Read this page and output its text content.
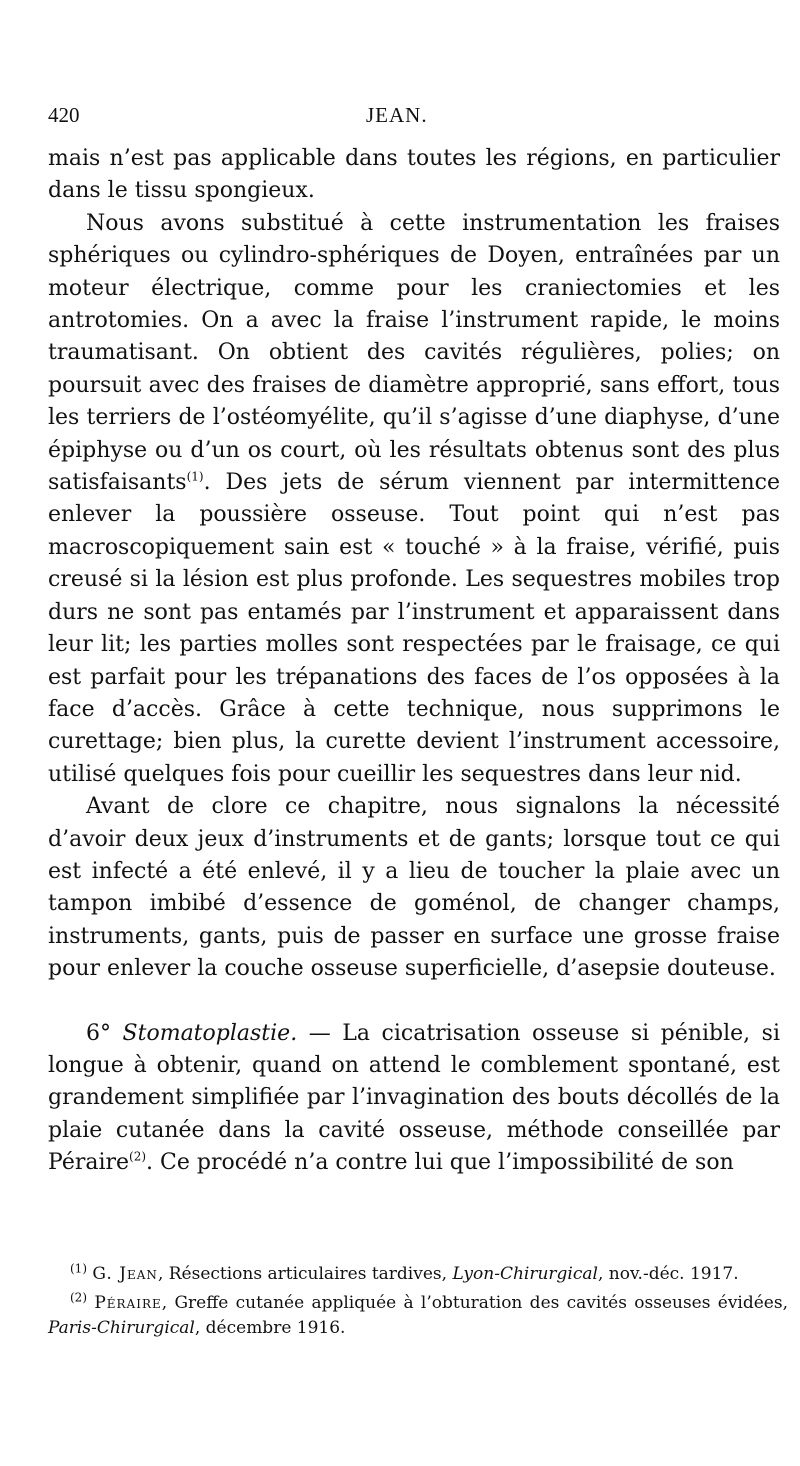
420	JEAN.

mais n’est pas applicable dans toutes les régions, en particulier dans le tissu spongieux.

Nous avons substitué à cette instrumentation les fraises sphériques ou cylindro-sphériques de Doyen, entraînées par un moteur électrique, comme pour les craniectomies et les antrotomies. On a avec la fraise l’instrument rapide, le moins traumatisant. On obtient des cavités régulières, polies; on poursuit avec des fraises de diamètre approprié, sans effort, tous les terriers de l’ostéomyélite, qu’il s’agisse d’une diaphyse, d’une épiphyse ou d’un os court, où les résultats obtenus sont des plus satisfaisants$^{(1)}$. Des jets de sérum viennent par intermittence enlever la poussière osseuse. Tout point qui n’est pas macroscopiquement sain est « touché » à la fraise, vérifié, puis creusé si la lésion est plus profonde. Les sequestres mobiles trop durs ne sont pas entamés par l’instrument et apparaissent dans leur lit; les parties molles sont respectées par le fraisage, ce qui est parfait pour les trépanations des faces de l’os opposées à la face d’accès. Grâce à cette technique, nous supprimons le curettage; bien plus, la curette devient l’instrument accessoire, utilisé quelques fois pour cueillir les sequestres dans leur nid.

Avant de clore ce chapitre, nous signalons la nécessité d’avoir deux jeux d’instruments et de gants; lorsque tout ce qui est infecté a été enlevé, il y a lieu de toucher la plaie avec un tampon imbibé d’essence de goménol, de changer champs, instruments, gants, puis de passer en surface une grosse fraise pour enlever la couche osseuse superficielle, d’asepsie douteuse.

6° Stomatoplastie. — La cicatrisation osseuse si pénible, si longue à obtenir, quand on attend le comblement spontané, est grandement simplifiée par l’invagination des bouts décollés de la plaie cutanée dans la cavité osseuse, méthode conseillée par Péraire$^{(2)}$. Ce procédé n’a contre lui que l’impossibilité de son

$^{(1)}$ G. Jean, Résections articulaires tardives, Lyon-Chirurgical, nov.-déc. 1917.

$^{(2)}$ Péraire, Greffe cutanée appliquée à l’obturation des cavités osseuses évidées, Paris-Chirurgical, décembre 1916.
